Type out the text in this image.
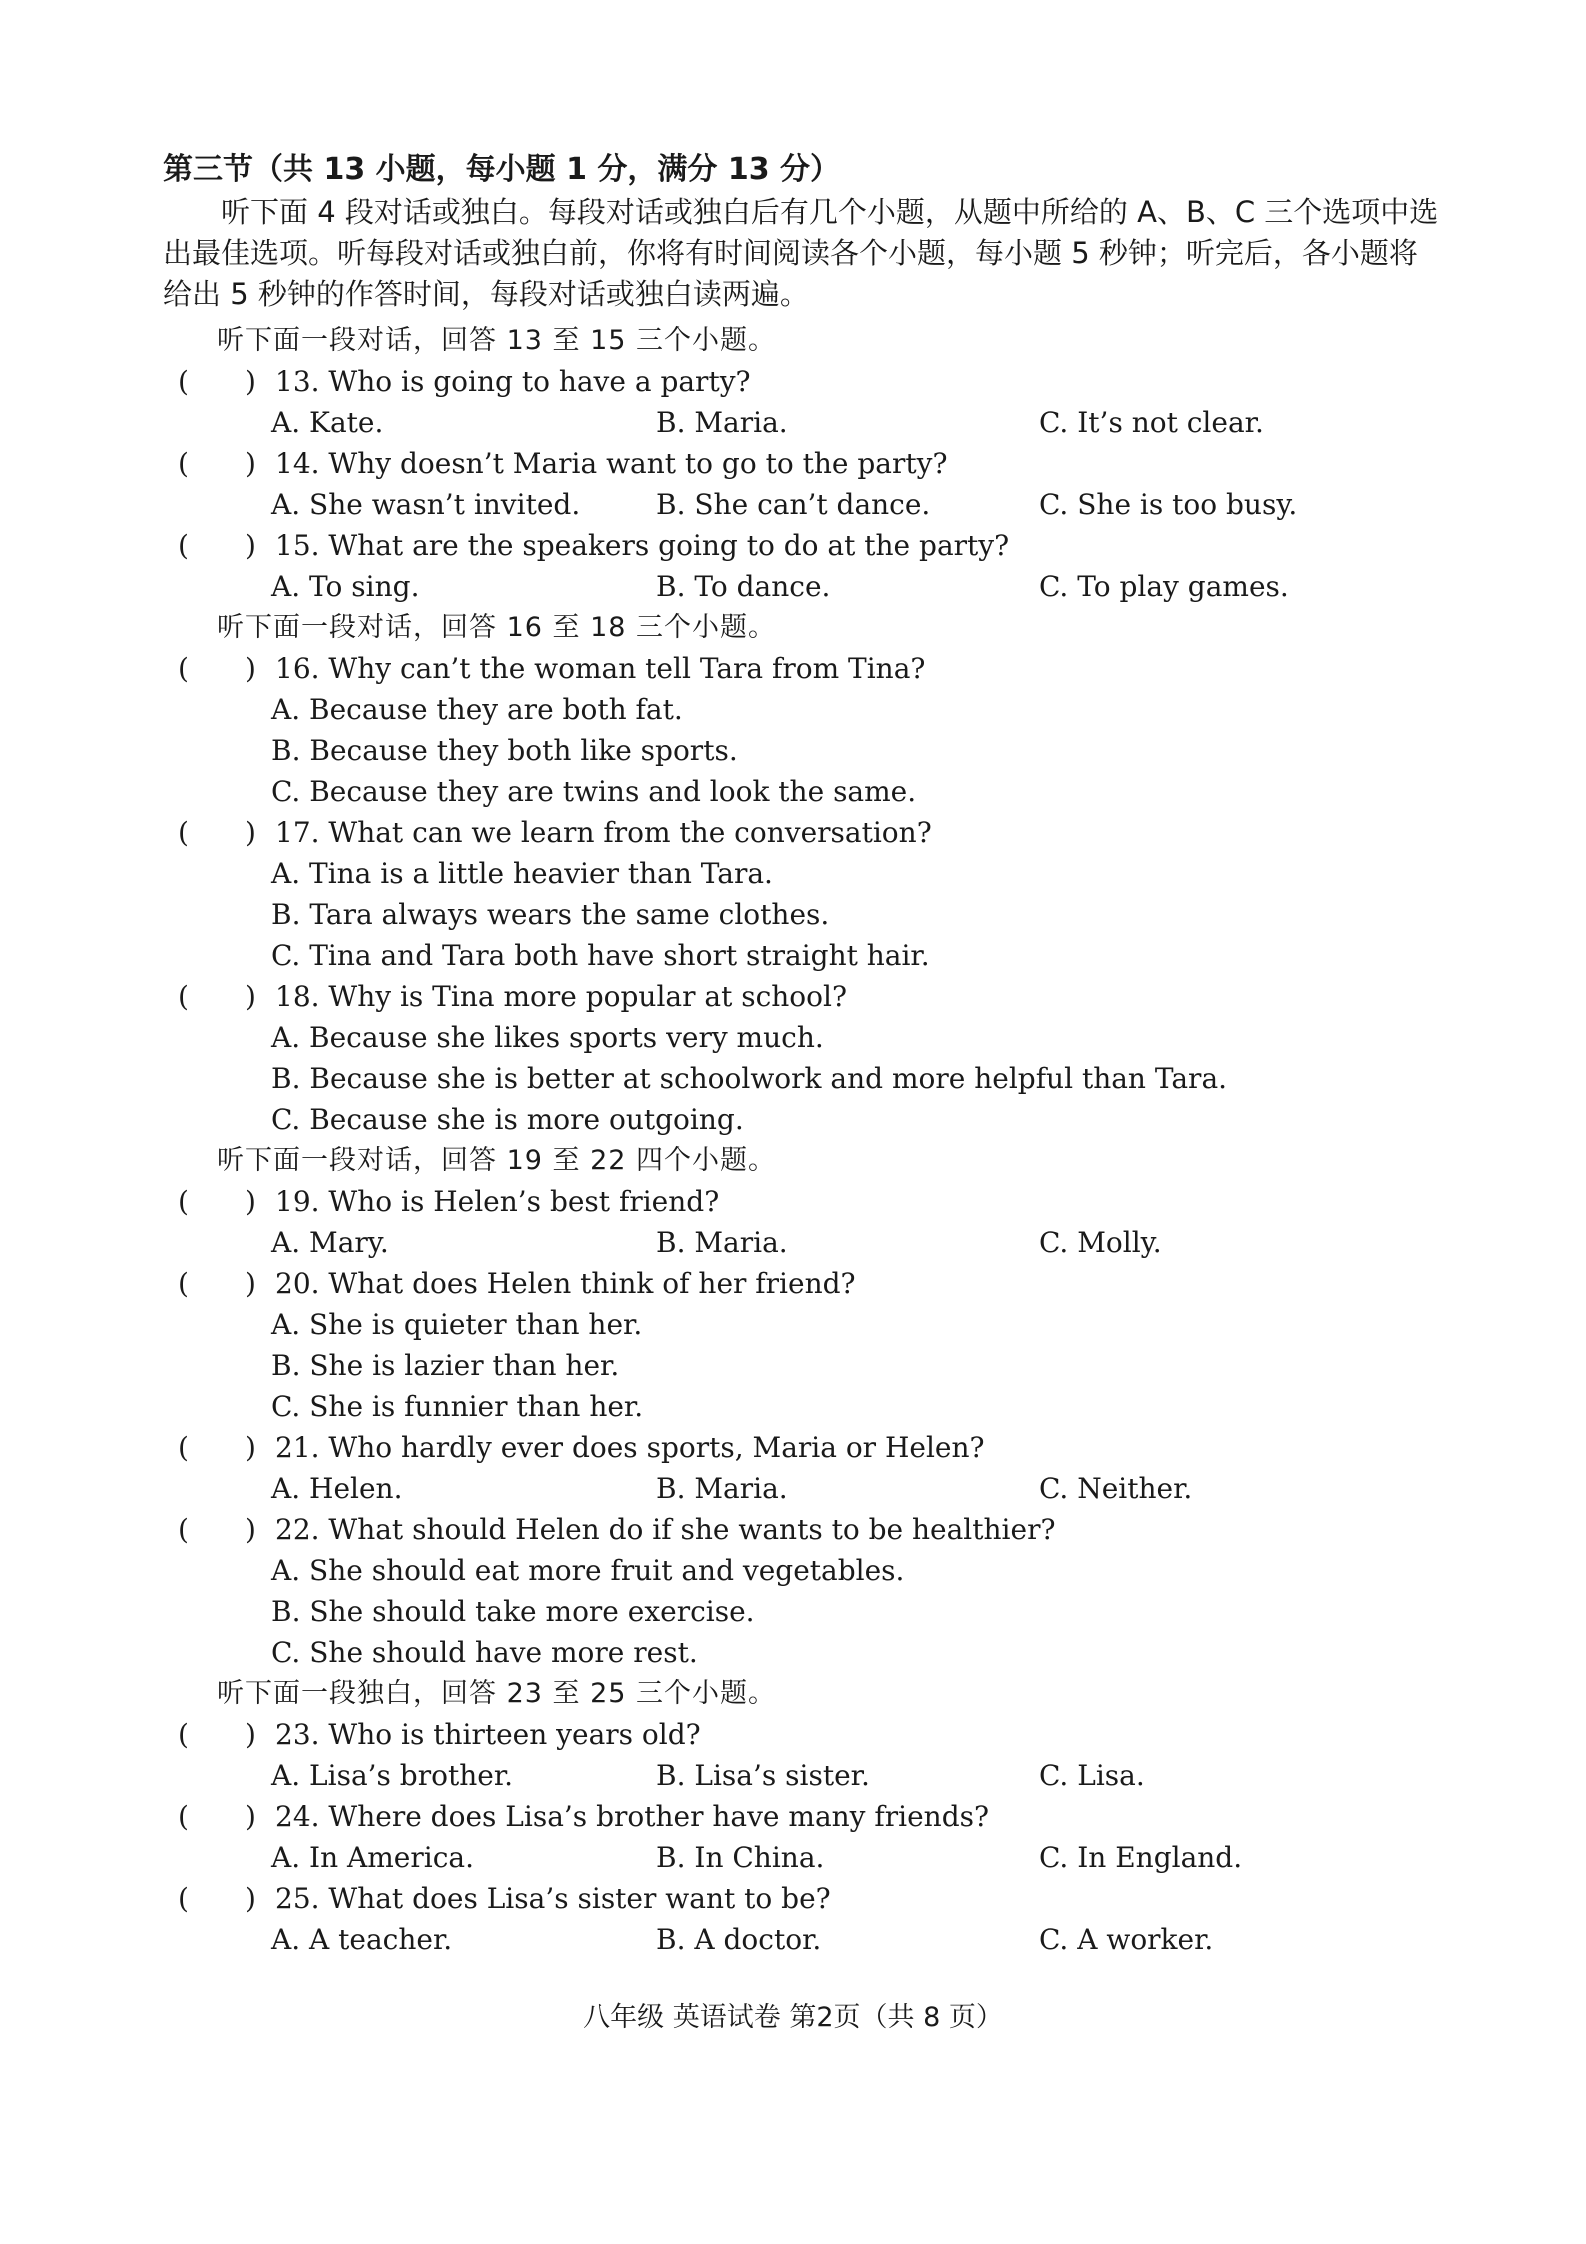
第三节（共 13 小题，每小题 1 分，满分 13 分）
听下面 4 段对话或独白。每段对话或独白后有几个小题，从题中所给的 A、B、C 三个选项中选出最佳选项。听每段对话或独白前，你将有时间阅读各个小题，每小题 5 秒钟；听完后，各小题将给出 5 秒钟的作答时间，每段对话或独白读两遍。
听下面一段对话，回答 13 至 15 三个小题。
( ) 13. Who is going to have a party?
A. Kate.	B. Maria.	C. It’s not clear.
( ) 14. Why doesn’t Maria want to go to the party?
A. She wasn’t invited.	B. She can’t dance.	C. She is too busy.
( ) 15. What are the speakers going to do at the party?
A. To sing.	B. To dance.	C. To play games.
听下面一段对话，回答 16 至 18 三个小题。
( ) 16. Why can’t the woman tell Tara from Tina?
A. Because they are both fat.
B. Because they both like sports.
C. Because they are twins and look the same.
( ) 17. What can we learn from the conversation?
A. Tina is a little heavier than Tara.
B. Tara always wears the same clothes.
C. Tina and Tara both have short straight hair.
( ) 18. Why is Tina more popular at school?
A. Because she likes sports very much.
B. Because she is better at schoolwork and more helpful than Tara.
C. Because she is more outgoing.
听下面一段对话，回答 19 至 22 四个小题。
( ) 19. Who is Helen’s best friend?
A. Mary.	B. Maria.	C. Molly.
( ) 20. What does Helen think of her friend?
A. She is quieter than her.
B. She is lazier than her.
C. She is funnier than her.
( ) 21. Who hardly ever does sports, Maria or Helen?
A. Helen.	B. Maria.	C. Neither.
( ) 22. What should Helen do if she wants to be healthier?
A. She should eat more fruit and vegetables.
B. She should take more exercise.
C. She should have more rest.
听下面一段独白，回答 23 至 25 三个小题。
( ) 23. Who is thirteen years old?
A. Lisa’s brother.	B. Lisa’s sister.	C. Lisa.
( ) 24. Where does Lisa’s brother have many friends?
A. In America.	B. In China.	C. In England.
( ) 25. What does Lisa’s sister want to be?
A. A teacher.	B. A doctor.	C. A worker.
八年级 英语试卷 第2页（共 8 页）
